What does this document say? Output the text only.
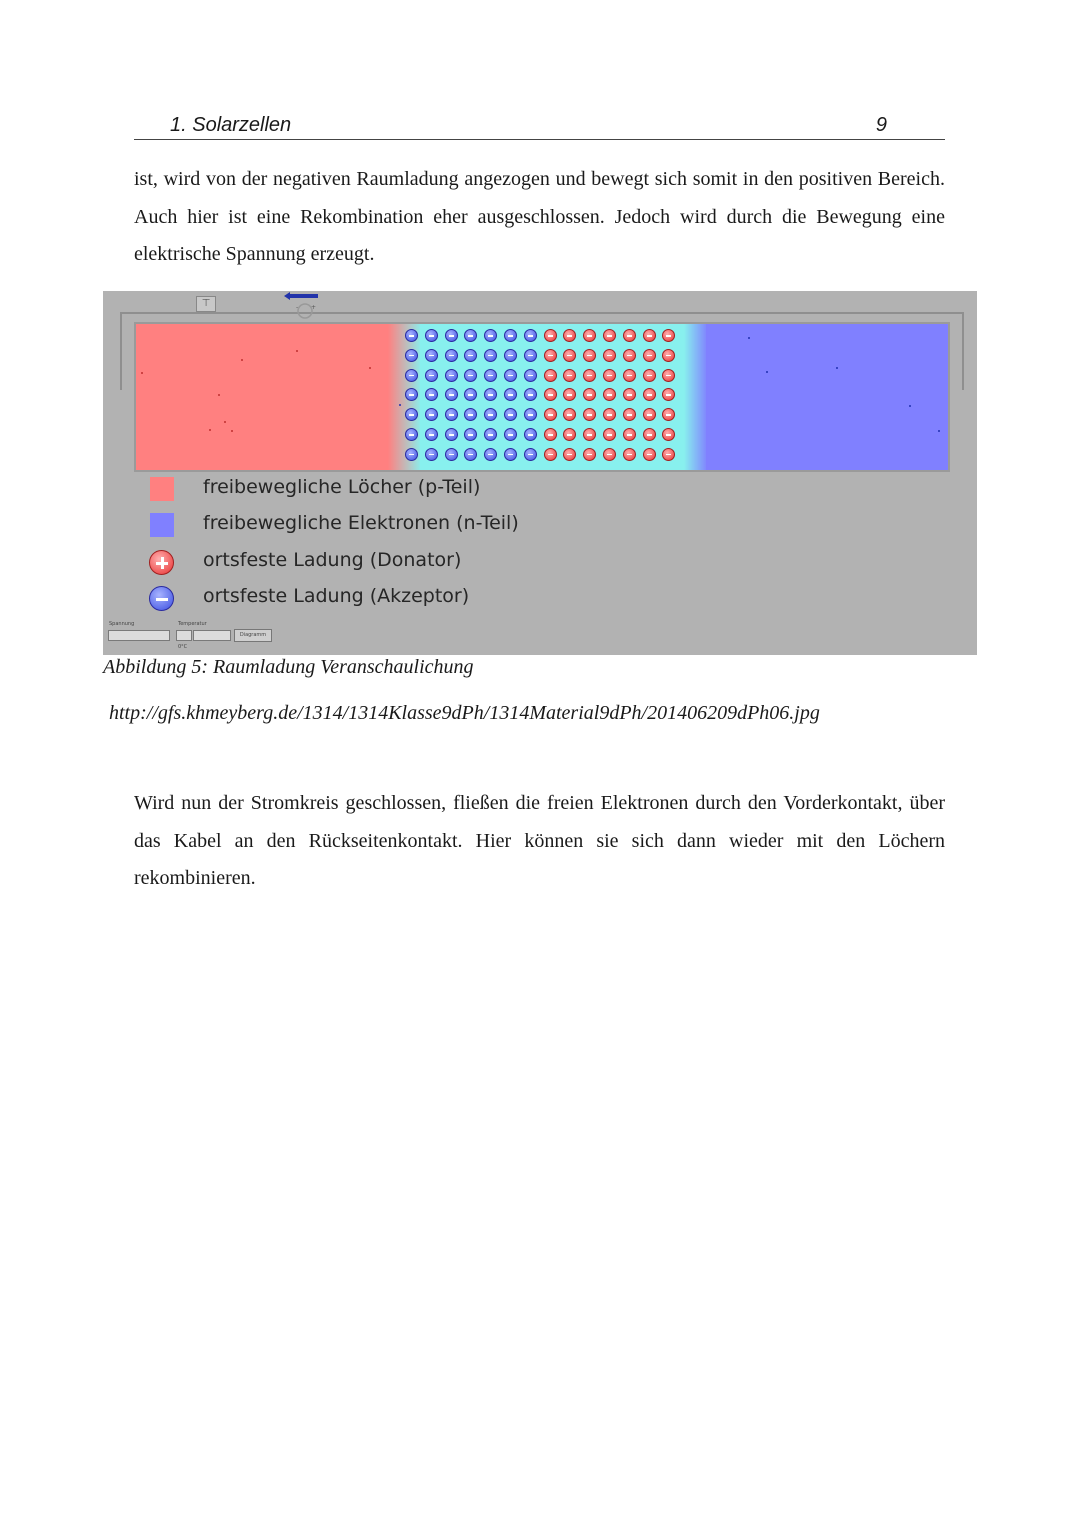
1. Solarzellen	9

ist, wird von der negativen Raumladung angezogen und bewegt sich somit in den positiven Bereich. Auch hier ist eine Rekombination eher ausgeschlossen. Jedoch wird durch die Bewegung eine elektrische Spannung erzeugt.

⊤	- +
freibewegliche Löcher (p-Teil)
freibewegliche Elektronen (n-Teil)
ortsfeste Ladung (Donator)
ortsfeste Ladung (Akzeptor)
Spannung	Temperatur
0°C
Diagramm
Abbildung 5: Raumladung Veranschaulichung
http://gfs.khmeyberg.de/1314/1314Klasse9dPh/1314Material9dPh/201406209dPh06.jpg

Wird nun der Stromkreis geschlossen, fließen die freien Elektronen durch den Vorderkontakt, über das Kabel an den Rückseitenkontakt. Hier können sie sich dann wieder mit den Löchern rekombinieren.
